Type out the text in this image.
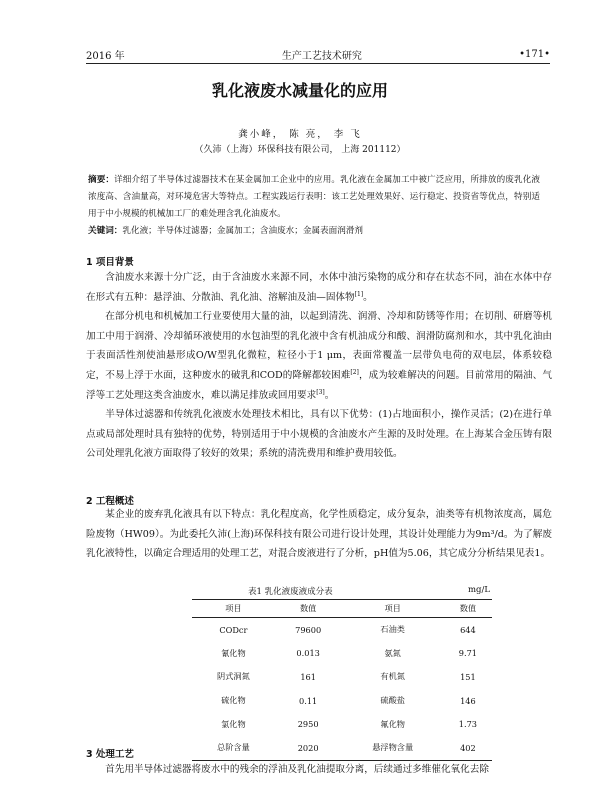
2016 年	生产工艺技术研究	•171•
乳化液废水减量化的应用
龚小峰， 陈 亮， 李 飞
（久沛（上海）环保科技有限公司， 上海 201112）

摘要：详细介绍了半导体过滤器技术在某金属加工企业中的应用。乳化液在金属加工中被广泛应用，所排放的废乳化液浓度高、含油量高，对环境危害大等特点。工程实践运行表明：该工艺处理效果好、运行稳定、投资省等优点，特别适用于中小规模的机械加工厂的难处理含乳化油废水。

关键词：乳化液；半导体过滤器；金属加工；含油废水；金属表面润滑剂

1 项目背景

含油废水来源十分广泛，由于含油废水来源不同，水体中油污染物的成分和存在状态不同，油在水体中存在形式有五种：悬浮油、分散油、乳化油、溶解油及油—固体物[1]。

在部分机电和机械加工行业要使用大量的油，以起到清洗、润滑、冷却和防锈等作用；在切削、研磨等机加工中用于润滑、冷却循环液使用的水包油型的乳化液中含有机油成分和酸、润滑防腐剂和水，其中乳化油由于表面活性剂使油悬形成O/W型乳化微粒，粒径小于1 μm，表面常覆盖一层带负电荷的双电层，体系较稳定，不易上浮于水面，这种废水的破乳和COD的降解都较困难[2]，成为较难解决的问题。目前常用的隔油、气浮等工艺处理这类含油废水，难以满足排放或回用要求[3]。

半导体过滤器和传统乳化液废水处理技术相比，具有以下优势：(1)占地面积小，操作灵活；(2)在进行单点或局部处理时具有独特的优势，特别适用于中小规模的含油废水产生源的及时处理。在上海某合金压铸有限公司处理乳化液方面取得了较好的效果；系统的清洗费用和维护费用较低。

2 工程概述

某企业的废弃乳化液具有以下特点：乳化程度高，化学性质稳定，成分复杂，油类等有机物浓度高，属危险废物（HW09）。为此委托久沛(上海)环保科技有限公司进行设计处理，其设计处理能力为9m³/d。为了解废乳化液特性，以确定合理适用的处理工艺，对混合废液进行了分析，pH值为5.06，其它成分分析结果见表1。

表1 乳化液废液成分表	mg/L
项目	数值	项目	数值
CODcr	79600	石油类	644
氰化物	0.013	氨氮	9.71
阴式洞氮	161	有机氮	151
硫化物	0.11	硫酸盐	146
氯化物	2950	氟化物	1.73
总阶含量	2020	悬浮物含量	402
3 处理工艺

首先用半导体过滤器将废水中的残余的浮油及乳化油提取分离，后续通过多维催化氧化去除
